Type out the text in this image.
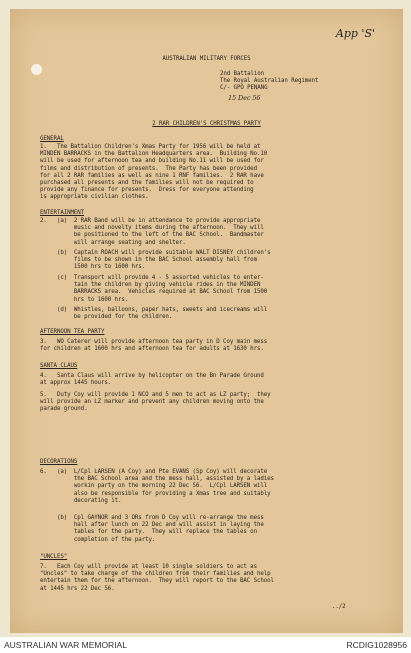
App 'S'
AUSTRALIAN MILITARY FORCES
2nd Battalion
The Royal Australian Regiment
C/- GPO PENANG
15 Dec 56
2 RAR CHILDREN'S CHRISTMAS PARTY
GENERAL
1.   The Battalion Children's Xmas Party for 1956 will be held at
MINDEN BARRACKS in the Battalion Headquarters area.  Building No.10
will be used for afternoon tea and building No.11 will be used for
films and distribution of presents.  The Party has been provided
for all 2 RAR families as well as nine 1 RNF families.  2 RAR have
purchased all presents and the families will not be required to
provide any finance for presents.  Dress for everyone attending
is appropriate civilian clothes.
ENTERTAINMENT
2.   (a)  2 RAR Band will be in attendance to provide appropriate
music and novelty items during the afternoon.  They will
be positioned to the left of the BAC School.  Bandmaster
will arrange seating and shelter.
(b)  Captain ROACH will provide suitable WALT DISNEY children's
films to be shown in the BAC School assembly hall from
1500 hrs to 1600 hrs.
(c)  Transport will provide 4 - 5 assorted vehicles to enter-
tain the children by giving vehicle rides in the MINDEN
BARRACKS area.  Vehicles required at BAC School from 1500
hrs to 1600 hrs.
(d)  Whistles, balloons, paper hats, sweets and icecreams will
be provided for the children.
AFTERNOON TEA PARTY
3.   WO Caterer will provide afternoon tea party in D Coy main mess
for children at 1600 hrs and afternoon tea for adults at 1630 hrs.
SANTA CLAUS
4.   Santa Claus will arrive by helicopter on the Bn Parade Ground
at approx 1445 hours.
5.   Duty Coy will provide 1 NCO and 5 men to act as LZ party;  they
will provide an LZ marker and prevent any children moving onto the
parade ground.
DECORATIONS
6.   (a)  L/Cpl LARSEN (A Coy) and Pte EVANS (Sp Coy) will decorate
the BAC School area and the mess hall, assisted by a ladies
workin party on the morning 22 Dec 56.  L/Cpl LARSEN will
also be responsible for providing a Xmas tree and suitably
decorating it.
(b)  Cpl GAYNOR and 3 ORs from D Coy will re-arrange the mess
hall after lunch on 22 Dec and will assist in laying the
tables for the party.  They will replace the tables on
completion of the party.
"UNCLES"
7.   Each Coy will provide at least 10 single soldiers to act as
"Uncles" to take charge of the children from their families and help
entertain them for the afternoon.  They will report to the BAC School
at 1445 hrs 22 Dec 56.
../2
AUSTRALIAN WAR MEMORIAL	RCDIG1028956
